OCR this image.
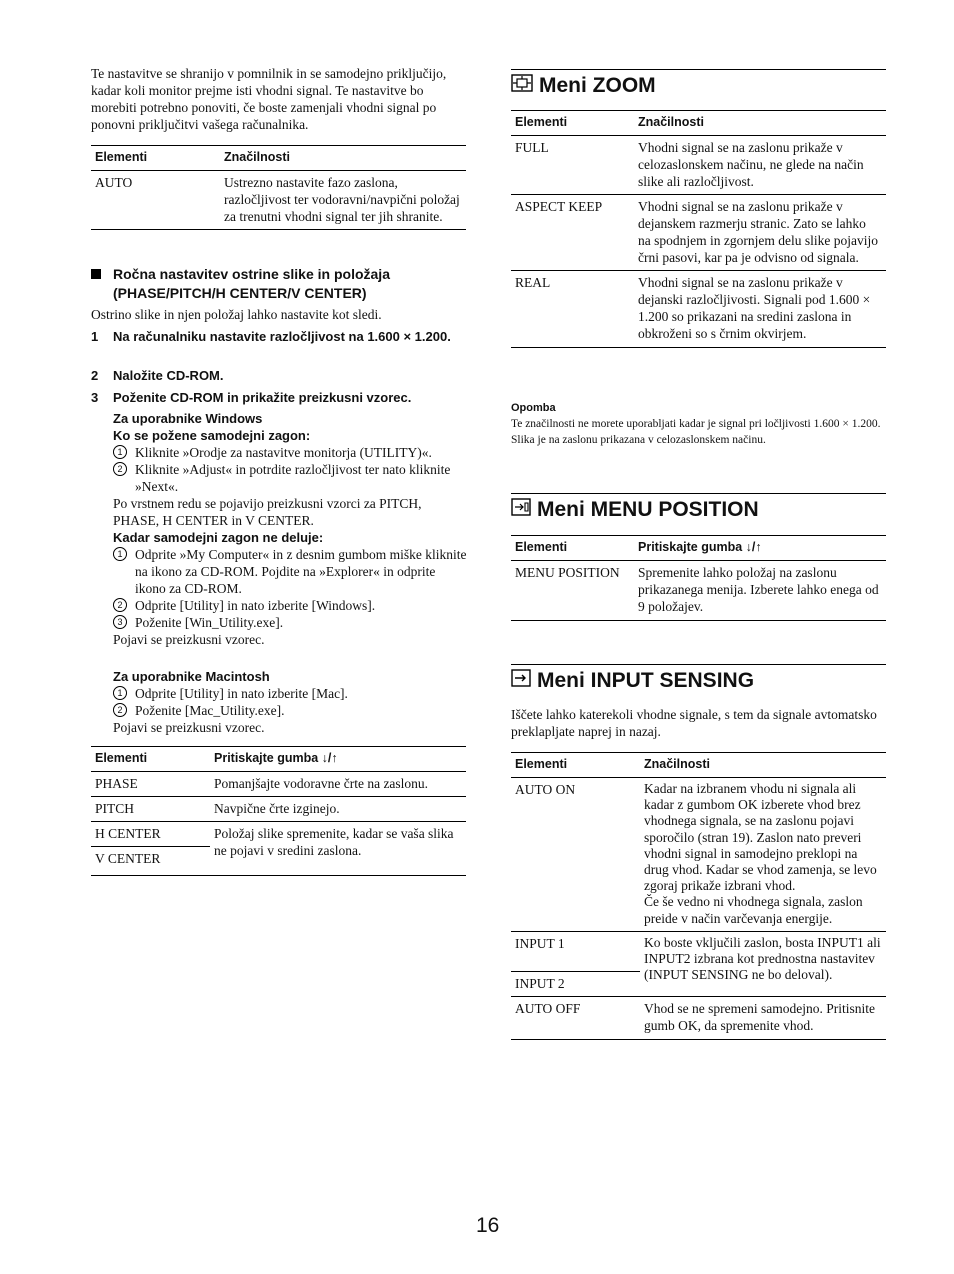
Te nastavitve se shranijo v pomnilnik in se samodejno priključijo, kadar koli monitor prejme isti vhodni signal. Te nastavitve bo morebiti potrebno ponoviti, če boste zamenjali vhodni signal po ponovni priključitvi vašega računalnika.
Elementi	Značilnosti
AUTO	Ustrezno nastavite fazo zaslona, razločljivost ter vodoravni/navpični položaj za trenutni vhodni signal ter jih shranite.
Ročna nastavitev ostrine slike in položaja (PHASE/PITCH/H CENTER/V CENTER)
Ostrino slike in njen položaj lahko nastavite kot sledi.
1 Na računalniku nastavite razločljivost na 1.600 × 1.200.
2 Naložite CD-ROM.
3 Poženite CD-ROM in prikažite preizkusni vzorec.
Za uporabnike Windows
Ko se požene samodejni zagon:
1 Kliknite »Orodje za nastavitve monitorja (UTILITY)«.
2 Kliknite »Adjust« in potrdite razločljivost ter nato kliknite »Next«.
Po vrstnem redu se pojavijo preizkusni vzorci za PITCH, PHASE, H CENTER in V CENTER.
Kadar samodejni zagon ne deluje:
1 Odprite »My Computer« in z desnim gumbom miške kliknite na ikono za CD-ROM. Pojdite na »Explorer« in odprite ikono za CD-ROM.
2 Odprite [Utility] in nato izberite [Windows].
3 Poženite [Win_Utility.exe].
Pojavi se preizkusni vzorec.
Za uporabnike Macintosh
1 Odprite [Utility] in nato izberite [Mac].
2 Poženite [Mac_Utility.exe].
Pojavi se preizkusni vzorec.
Elementi	Pritiskajte gumba ↓/↑
PHASE	Pomanjšajte vodoravne črte na zaslonu.
PITCH	Navpične črte izginejo.
H CENTER	Položaj slike spremenite, kadar se vaša slika ne pojavi v sredini zaslona.
V CENTER	
Meni ZOOM
Elementi	Značilnosti
FULL	Vhodni signal se na zaslonu prikaže v celozaslonskem načinu, ne glede na način slike ali razločljivost.
ASPECT KEEP	Vhodni signal se na zaslonu prikaže v dejanskem razmerju stranic. Zato se lahko na spodnjem in zgornjem delu slike pojavijo črni pasovi, kar pa je odvisno od signala.
REAL	Vhodni signal se na zaslonu prikaže v dejanski razločljivosti. Signali pod 1.600 × 1.200 so prikazani na sredini zaslona in obkroženi so s črnim okvirjem.
Opomba
Te značilnosti ne morete uporabljati kadar je signal pri ločljivosti 1.600 × 1.200. Slika je na zaslonu prikazana v celozaslonskem načinu.
Meni MENU POSITION
Elementi	Pritiskajte gumba ↓/↑
MENU POSITION	Spremenite lahko položaj na zaslonu prikazanega menija. Izberete lahko enega od 9 položajev.
Meni INPUT SENSING
Iščete lahko katerekoli vhodne signale, s tem da signale avtomatsko preklapljate naprej in nazaj.
Elementi	Značilnosti
AUTO ON	Kadar na izbranem vhodu ni signala ali kadar z gumbom OK izberete vhod brez vhodnega signala, se na zaslonu pojavi sporočilo (stran 19). Zaslon nato preveri vhodni signal in samodejno preklopi na drug vhod. Kadar se vhod zamenja, se levo zgoraj prikaže izbrani vhod.
Če še vedno ni vhodnega signala, zaslon preide v način varčevanja energije.

INPUT 1	Ko boste vključili zaslon, bosta INPUT1 ali INPUT2 izbrana kot prednostna nastavitev (INPUT SENSING ne bo deloval).
INPUT 2	
AUTO OFF	Vhod se ne spremeni samodejno. Pritisnite gumb OK, da spremenite vhod.
16
